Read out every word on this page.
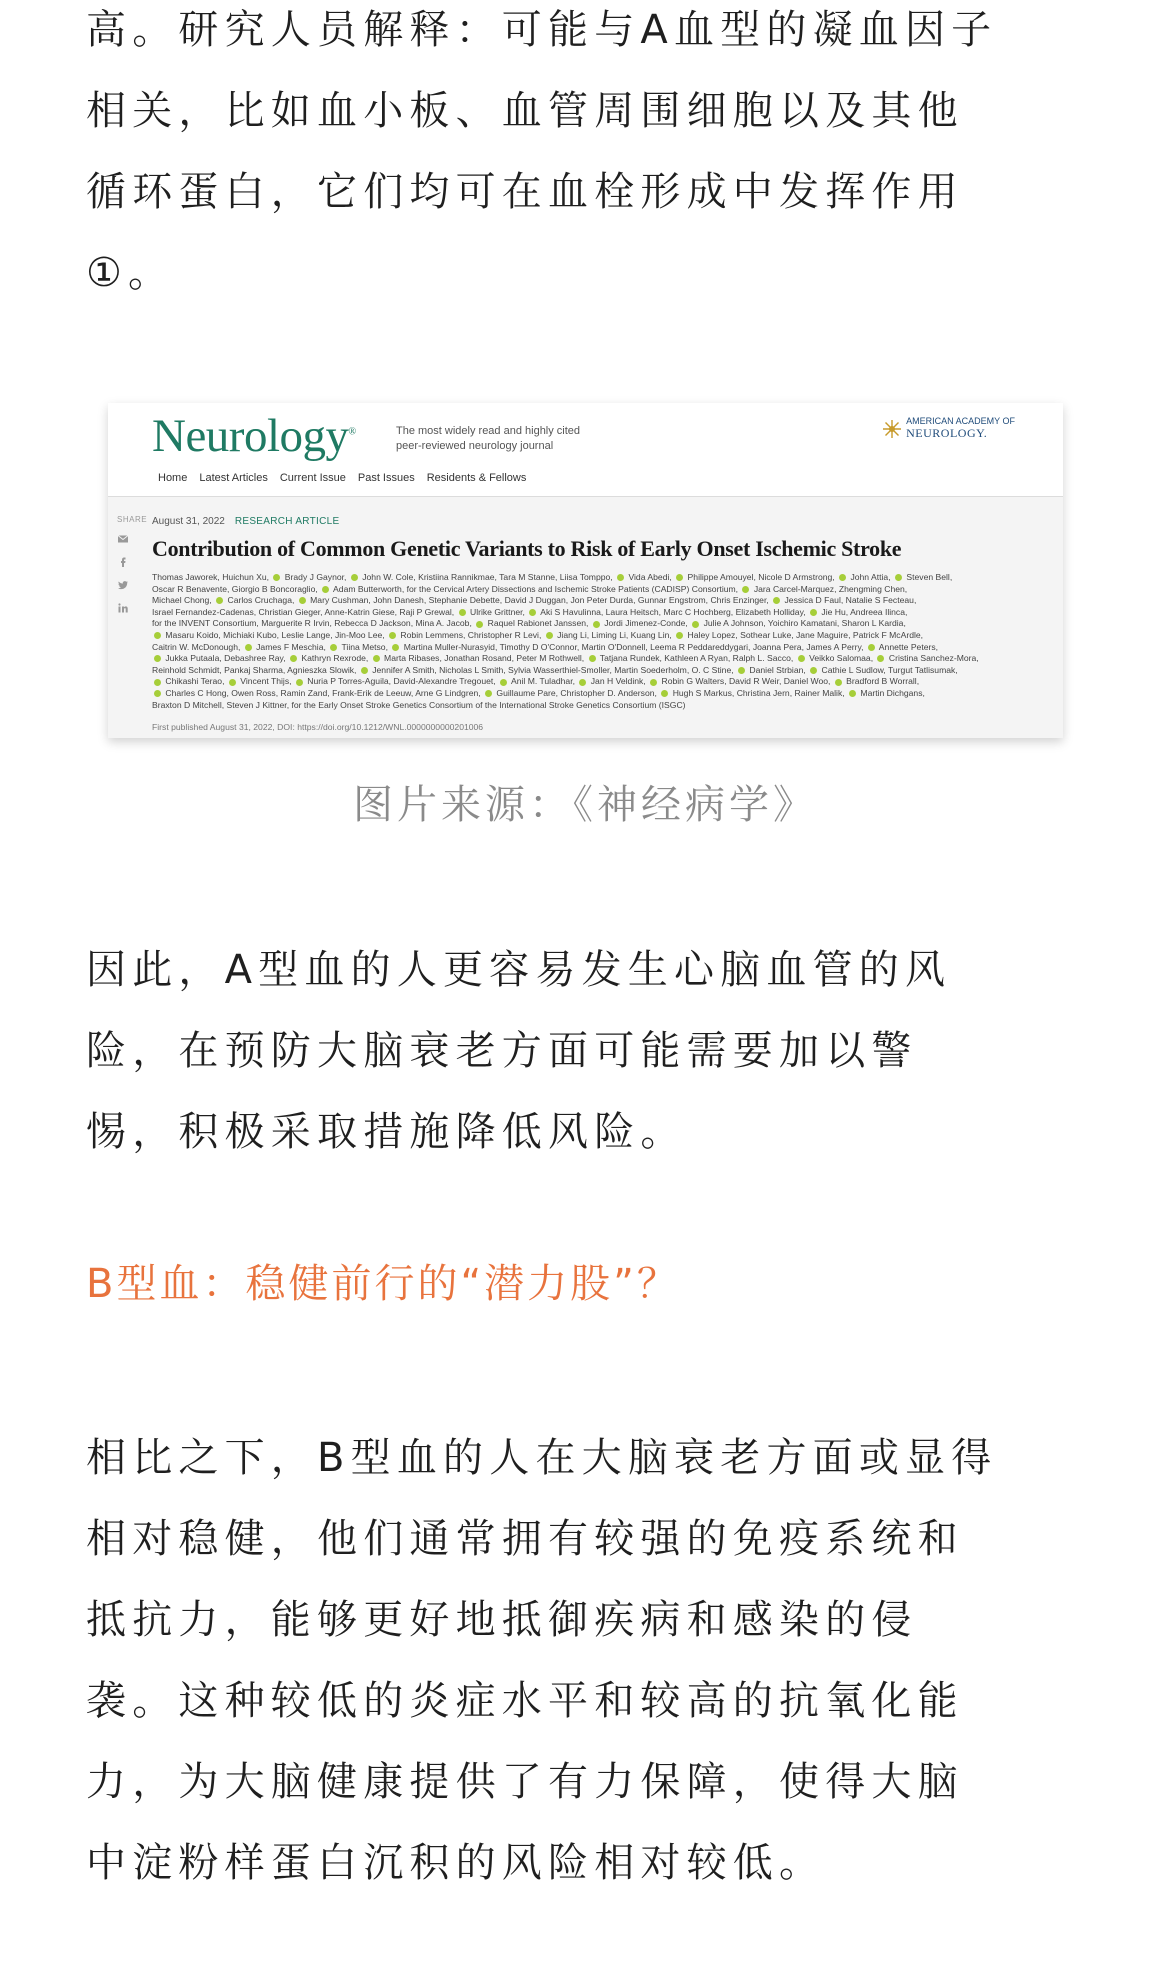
高。研究人员解释：可能与A血型的凝血因子
相关，比如血小板、血管周围细胞以及其他
循环蛋白，它们均可在血栓形成中发挥作用
①。
Neurology®	The most widely read and highly cited
peer-reviewed neurology journal
AMERICAN ACADEMY OF
NEUROLOGY.
Home Latest Articles Current Issue Past Issues Residents & Fellows
SHARE August 31, 2022 RESEARCH ARTICLE
Contribution of Common Genetic Variants to Risk of Early Onset Ischemic Stroke
Thomas Jaworek, Huichun Xu,  Brady J Gaynor,  John W. Cole, Kristiina Rannikmae, Tara M Stanne, Liisa Tomppo,  Vida Abedi,  Philippe Amouyel, Nicole D Armstrong,  John Attia,  Steven Bell,
Oscar R Benavente, Giorgio B Boncoraglio,  Adam Butterworth, for the Cervical Artery Dissections and Ischemic Stroke Patients (CADISP) Consortium,  Jara Carcel-Marquez, Zhengming Chen,
Michael Chong,  Carlos Cruchaga,  Mary Cushman, John Danesh, Stephanie Debette, David J Duggan, Jon Peter Durda, Gunnar Engstrom, Chris Enzinger,  Jessica D Faul, Natalie S Fecteau,
Israel Fernandez-Cadenas, Christian Gieger, Anne-Katrin Giese, Raji P Grewal,  Ulrike Grittner,  Aki S Havulinna, Laura Heitsch, Marc C Hochberg, Elizabeth Holliday,  Jie Hu, Andreea Ilinca,
for the INVENT Consortium, Marguerite R Irvin, Rebecca D Jackson, Mina A. Jacob,  Raquel Rabionet Janssen,  Jordi Jimenez-Conde,  Julie A Johnson, Yoichiro Kamatani, Sharon L Kardia,
Masaru Koido, Michiaki Kubo, Leslie Lange, Jin-Moo Lee,  Robin Lemmens, Christopher R Levi,  Jiang Li, Liming Li, Kuang Lin,  Haley Lopez, Sothear Luke, Jane Maguire, Patrick F McArdle,
Caitrin W. McDonough,  James F Meschia,  Tiina Metso,  Martina Muller-Nurasyid, Timothy D O'Connor, Martin O'Donnell, Leema R Peddareddygari, Joanna Pera, James A Perry,  Annette Peters,
Jukka Putaala, Debashree Ray,  Kathryn Rexrode,  Marta Ribases, Jonathan Rosand, Peter M Rothwell,  Tatjana Rundek, Kathleen A Ryan, Ralph L. Sacco,  Veikko Salomaa,  Cristina Sanchez-Mora,
Reinhold Schmidt, Pankaj Sharma, Agnieszka Slowik,  Jennifer A Smith, Nicholas L Smith, Sylvia Wasserthiel-Smoller, Martin Soederholm, O. C Stine,  Daniel Strbian,  Cathie L Sudlow, Turgut Tatlisumak,
Chikashi Terao,  Vincent Thijs,  Nuria P Torres-Aguila, David-Alexandre Tregouet,  Anil M. Tuladhar,  Jan H Veldink,  Robin G Walters, David R Weir, Daniel Woo,  Bradford B Worrall,
Charles C Hong, Owen Ross, Ramin Zand, Frank-Erik de Leeuw, Arne G Lindgren,  Guillaume Pare, Christopher D. Anderson,  Hugh S Markus, Christina Jern, Rainer Malik,  Martin Dichgans,
Braxton D Mitchell, Steven J Kittner, for the Early Onset Stroke Genetics Consortium of the International Stroke Genetics Consortium (ISGC)
First published August 31, 2022, DOI: https://doi.org/10.1212/WNL.0000000000201006
图片来源：《神经病学》
因此，A型血的人更容易发生心脑血管的风
险，在预防大脑衰老方面可能需要加以警
惕，积极采取措施降低风险。
B型血：稳健前行的“潜力股”？
相比之下，B型血的人在大脑衰老方面或显得
相对稳健，他们通常拥有较强的免疫系统和
抵抗力，能够更好地抵御疾病和感染的侵
袭。这种较低的炎症水平和较高的抗氧化能
力，为大脑健康提供了有力保障，使得大脑
中淀粉样蛋白沉积的风险相对较低。
